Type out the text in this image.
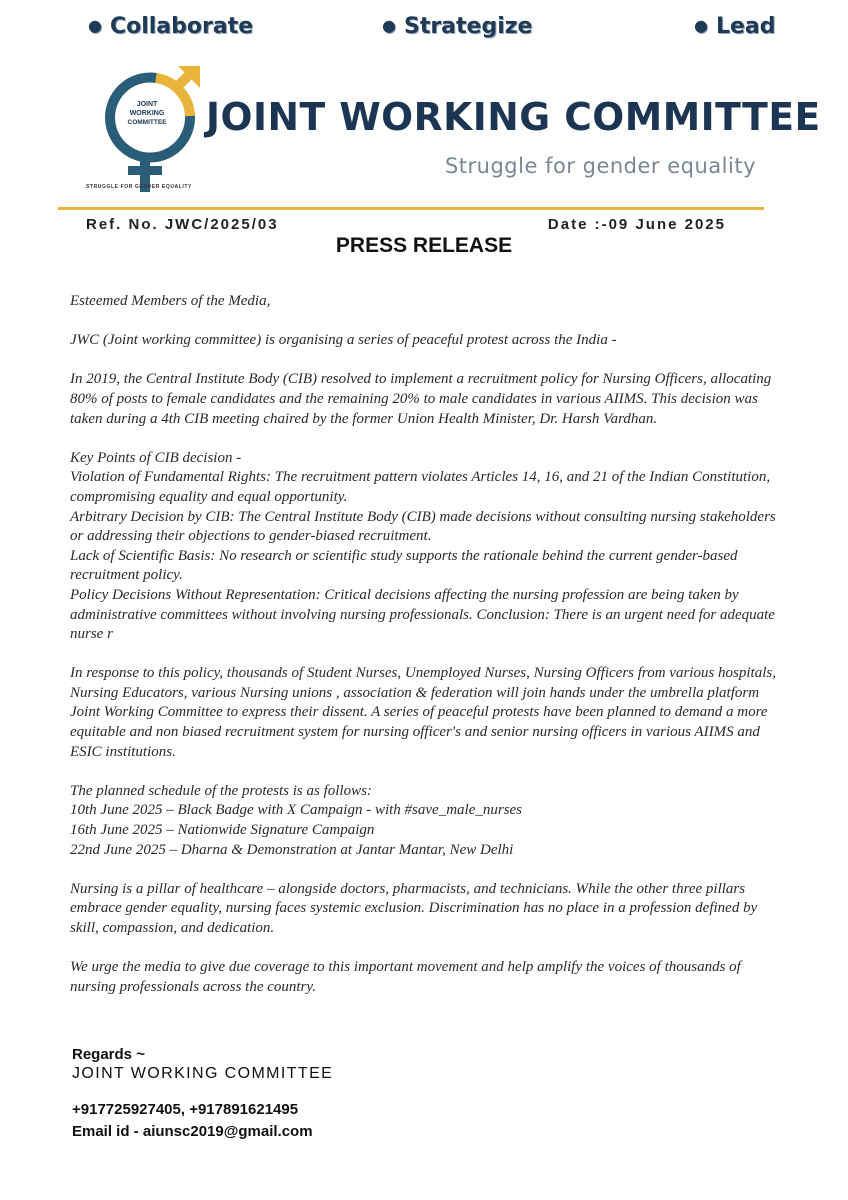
● Collaborate	● Strategize	● Lead
JOINT
WORKING
COMMITTEE
STRUGGLE FOR GENDER EQUALITY
JOINT WORKING COMMITTEE
Struggle for gender equality
Ref. No. JWC/2025/03	Date :-09 June 2025
PRESS RELEASE

Esteemed Members of the Media,

JWC (Joint working committee) is organising a series of peaceful protest across the India -

In 2019, the Central Institute Body (CIB) resolved to implement a recruitment policy for Nursing Officers, allocating 80% of posts to female candidates and the remaining 20% to male candidates in various AIIMS. This decision was taken during a 4th CIB meeting chaired by the former Union Health Minister, Dr. Harsh Vardhan.

Key Points of CIB decision -
Violation of Fundamental Rights: The recruitment pattern violates Articles 14, 16, and 21 of the Indian Constitution, compromising equality and equal opportunity.
Arbitrary Decision by CIB: The Central Institute Body (CIB) made decisions without consulting nursing stakeholders or addressing their objections to gender-biased recruitment.
Lack of Scientific Basis: No research or scientific study supports the rationale behind the current gender-based recruitment policy.
Policy Decisions Without Representation: Critical decisions affecting the nursing profession are being taken by administrative committees without involving nursing professionals. Conclusion: There is an urgent need for adequate nurse r

In response to this policy, thousands of Student Nurses, Unemployed Nurses, Nursing Officers from various hospitals, Nursing Educators, various Nursing unions , association & federation will join hands under the umbrella platform Joint Working Committee to express their dissent. A series of peaceful protests have been planned to demand a more equitable and non biased recruitment system for nursing officer's and senior nursing officers in various AIIMS and ESIC institutions.

The planned schedule of the protests is as follows:
10th June 2025 – Black Badge with X Campaign - with #save_male_nurses
16th June 2025 – Nationwide Signature Campaign
22nd June 2025 – Dharna & Demonstration at Jantar Mantar, New Delhi

Nursing is a pillar of healthcare – alongside doctors, pharmacists, and technicians. While the other three pillars embrace gender equality, nursing faces systemic exclusion. Discrimination has no place in a profession defined by skill, compassion, and dedication.

We urge the media to give due coverage to this important movement and help amplify the voices of thousands of nursing professionals across the country.

Regards ~
JOINT WORKING COMMITTEE
+917725927405, +917891621495
Email id - aiunsc2019@gmail.com
